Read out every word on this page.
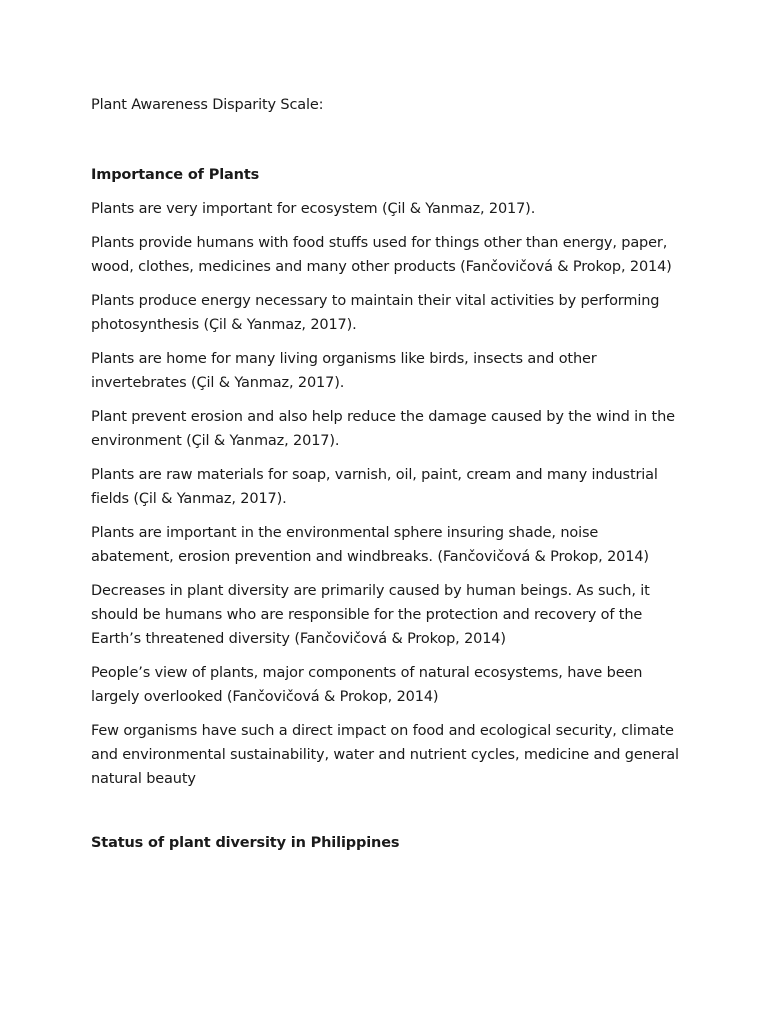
Plant Awareness Disparity Scale:

Importance of Plants

Plants are very important for ecosystem (Çil & Yanmaz, 2017).

Plants provide humans with food stuffs used for things other than energy, paper,
wood, clothes, medicines and many other products (Fančovičová & Prokop, 2014)

Plants produce energy necessary to maintain their vital activities by performing
photosynthesis (Çil & Yanmaz, 2017).

Plants are home for many living organisms like birds, insects and other
invertebrates (Çil & Yanmaz, 2017).

Plant prevent erosion and also help reduce the damage caused by the wind in the
environment (Çil & Yanmaz, 2017).

Plants are raw materials for soap, varnish, oil, paint, cream and many industrial
fields (Çil & Yanmaz, 2017).

Plants are important in the environmental sphere insuring shade, noise
abatement, erosion prevention and windbreaks. (Fančovičová & Prokop, 2014)

Decreases in plant diversity are primarily caused by human beings. As such, it
should be humans who are responsible for the protection and recovery of the
Earth’s threatened diversity (Fančovičová & Prokop, 2014)

People’s view of plants, major components of natural ecosystems, have been
largely overlooked (Fančovičová & Prokop, 2014)

Few organisms have such a direct impact on food and ecological security, climate
and environmental sustainability, water and nutrient cycles, medicine and general
natural beauty

Status of plant diversity in Philippines
